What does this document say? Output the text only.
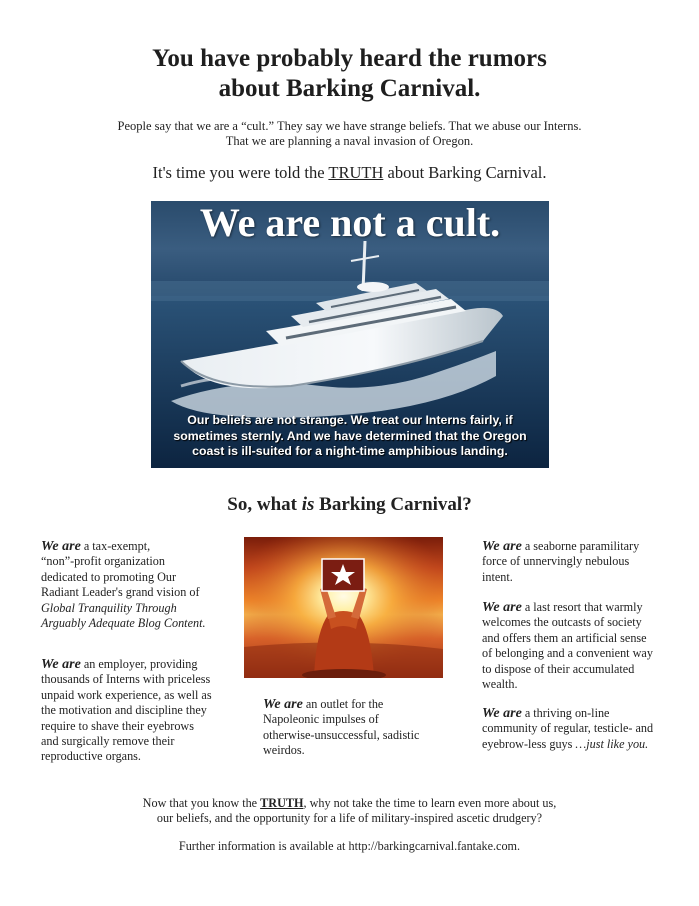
You have probably heard the rumors
about Barking Carnival.
People say that we are a “cult.” They say we have strange beliefs. That we abuse our Interns.
That we are planning a naval invasion of Oregon.
It's time you were told the TRUTH about Barking Carnival.
We are not a cult.
Our beliefs are not strange. We treat our Interns fairly, if
sometimes sternly. And we have determined that the Oregon
coast is ill-suited for a night-time amphibious landing.
So, what is Barking Carnival?
We are a tax-exempt,
“non”-profit organization
dedicated to promoting Our
Radiant Leader's grand vision of
Global Tranquility Through
Arguably Adequate Blog Content.
We are an employer, providing
thousands of Interns with priceless
unpaid work experience, as well as
the motivation and discipline they
require to shave their eyebrows
and surgically remove their
reproductive organs.
We are an outlet for the
Napoleonic impulses of
otherwise-unsuccessful, sadistic
weirdos.
We are a seaborne paramilitary
force of unnervingly nebulous
intent.
We are a last resort that warmly
welcomes the outcasts of society
and offers them an artificial sense
of belonging and a convenient way
to dispose of their accumulated
wealth.
We are a thriving on-line
community of regular, testicle- and
eyebrow-less guys …just like you.
Now that you know the TRUTH, why not take the time to learn even more about us,
our beliefs, and the opportunity for a life of military-inspired ascetic drudgery?
Further information is available at http://barkingcarnival.fantake.com.
